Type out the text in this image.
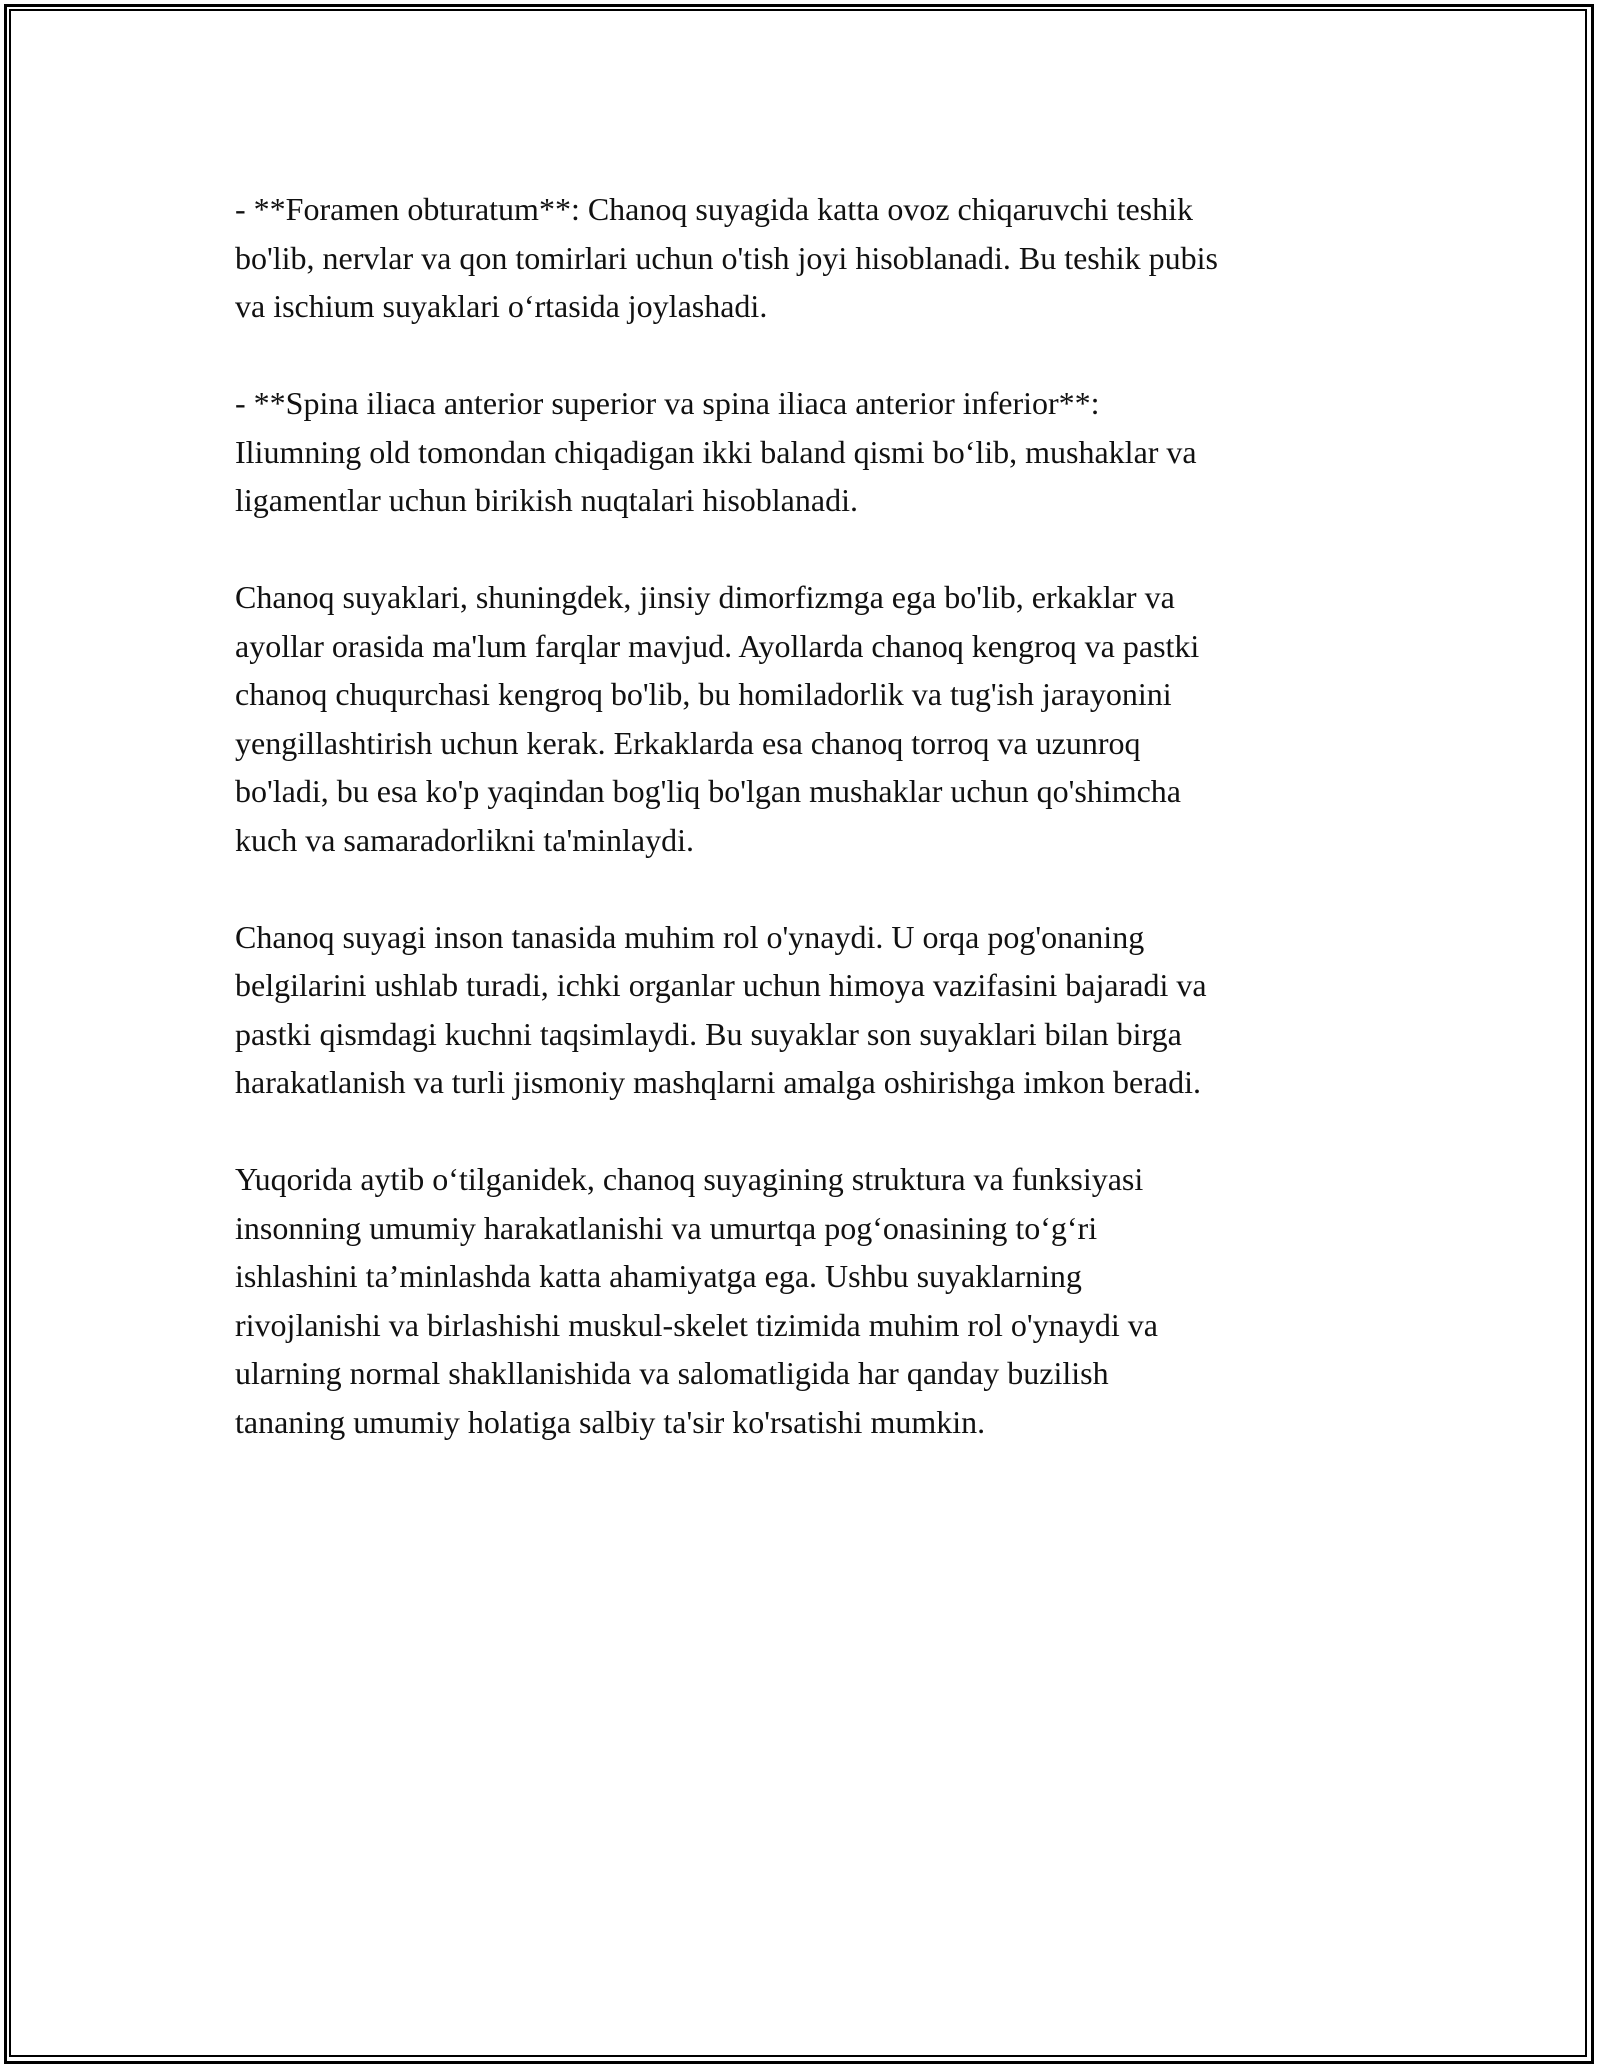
- **Foramen obturatum**: Chanoq suyagida katta ovoz chiqaruvchi teshik
bo'lib, nervlar va qon tomirlari uchun o'tish joyi hisoblanadi. Bu teshik pubis
va ischium suyaklari o‘rtasida joylashadi.

- **Spina iliaca anterior superior va spina iliaca anterior inferior**:
Iliumning old tomondan chiqadigan ikki baland qismi bo‘lib, mushaklar va
ligamentlar uchun birikish nuqtalari hisoblanadi.

Chanoq suyaklari, shuningdek, jinsiy dimorfizmga ega bo'lib, erkaklar va
ayollar orasida ma'lum farqlar mavjud. Ayollarda chanoq kengroq va pastki
chanoq chuqurchasi kengroq bo'lib, bu homiladorlik va tug'ish jarayonini
yengillashtirish uchun kerak. Erkaklarda esa chanoq torroq va uzunroq
bo'ladi, bu esa ko'p yaqindan bog'liq bo'lgan mushaklar uchun qo'shimcha
kuch va samaradorlikni ta'minlaydi.

Chanoq suyagi inson tanasida muhim rol o'ynaydi. U orqa pog'onaning
belgilarini ushlab turadi, ichki organlar uchun himoya vazifasini bajaradi va
pastki qismdagi kuchni taqsimlaydi. Bu suyaklar son suyaklari bilan birga
harakatlanish va turli jismoniy mashqlarni amalga oshirishga imkon beradi.

Yuqorida aytib o‘tilganidek, chanoq suyagining struktura va funksiyasi
insonning umumiy harakatlanishi va umurtqa pog‘onasining to‘g‘ri
ishlashini ta’minlashda katta ahamiyatga ega. Ushbu suyaklarning
rivojlanishi va birlashishi muskul-skelet tizimida muhim rol o'ynaydi va
ularning normal shakllanishida va salomatligida har qanday buzilish
tananing umumiy holatiga salbiy ta'sir ko'rsatishi mumkin.
